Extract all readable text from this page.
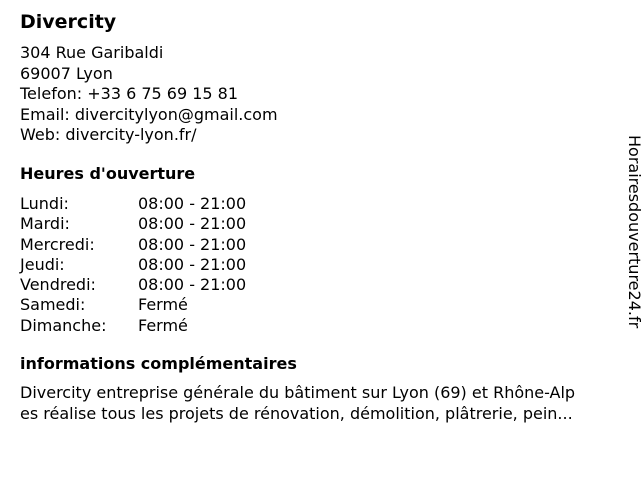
Divercity
304 Rue Garibaldi
69007 Lyon
Telefon: +33 6 75 69 15 81
Email: divercitylyon@gmail.com
Web: divercity-lyon.fr/
Heures d'ouverture
Lundi:	08:00 - 21:00
Mardi:	08:00 - 21:00
Mercredi:	08:00 - 21:00
Jeudi:	08:00 - 21:00
Vendredi:	08:00 - 21:00
Samedi:	Fermé
Dimanche:	Fermé
informations complémentaires
Divercity entreprise générale du bâtiment sur Lyon (69) et Rhône-Alp
es réalise tous les projets de rénovation, démolition, plâtrerie, pein...
Horairesdouverture24.fr
